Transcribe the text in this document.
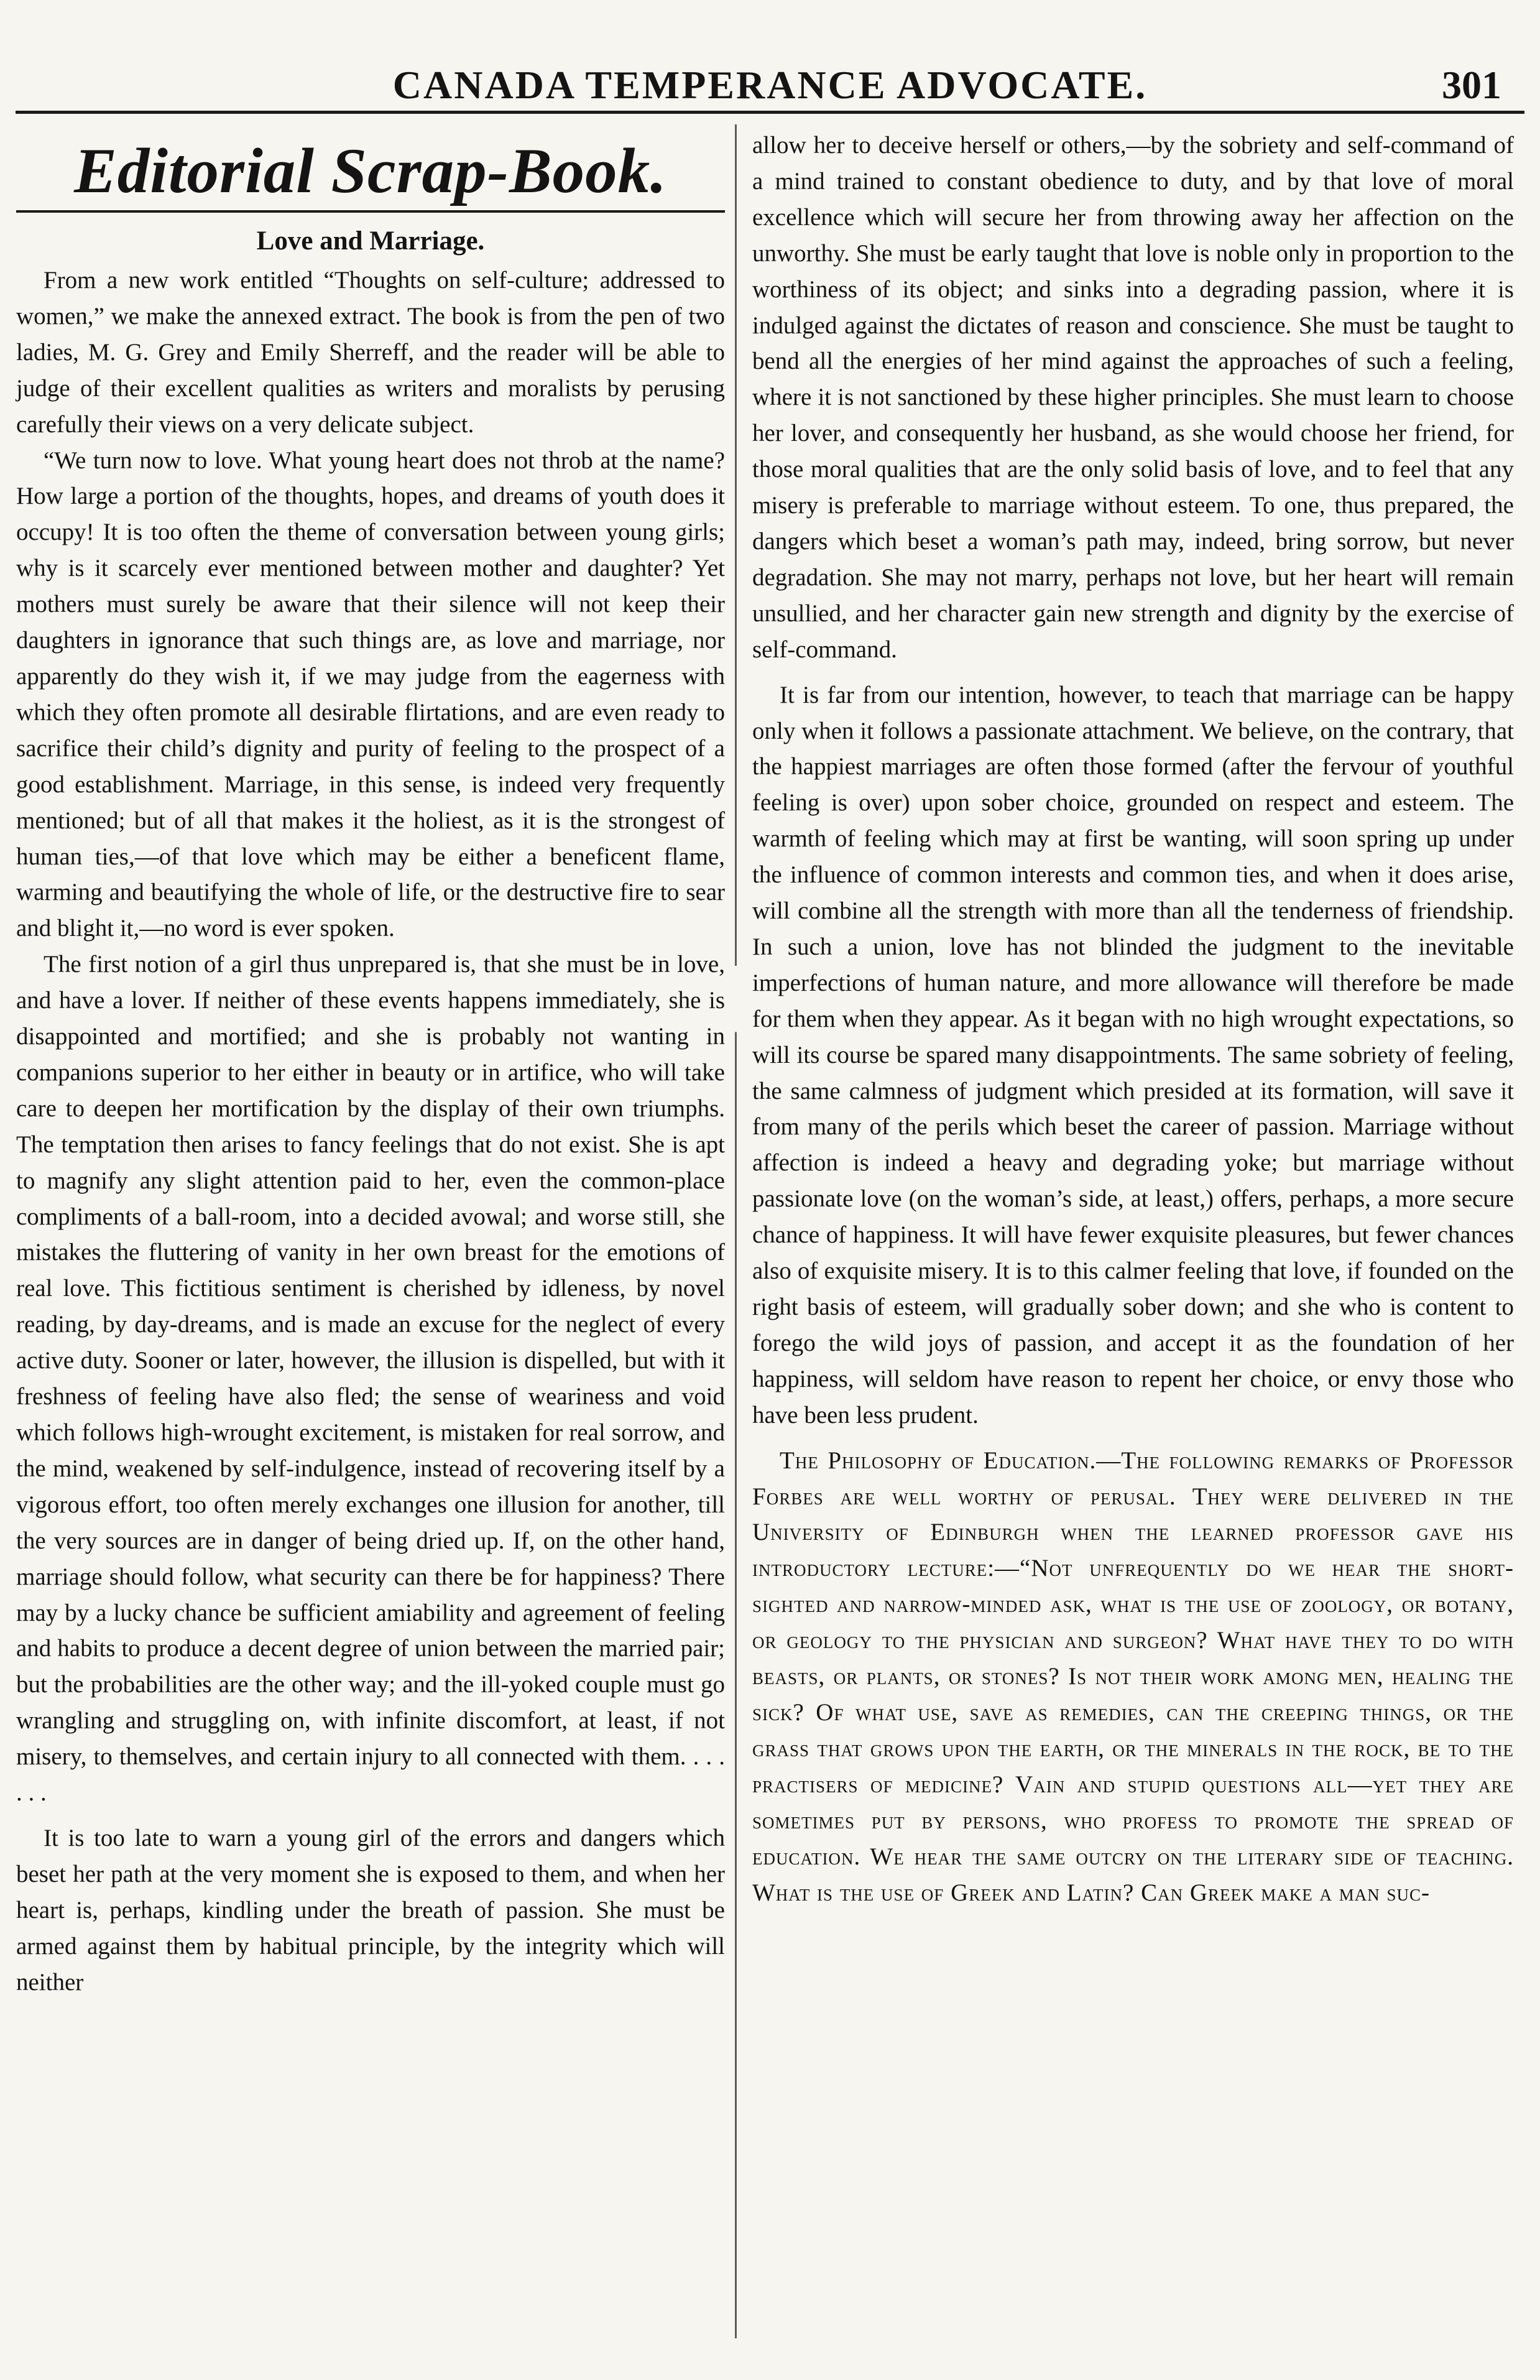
CANADA TEMPERANCE ADVOCATE.	301
Editorial Scrap-Book.
Love and Marriage.

From a new work entitled “Thoughts on self-culture; addressed to women,” we make the annexed extract. The book is from the pen of two ladies, M. G. Grey and Emily Sherreff, and the reader will be able to judge of their excellent qualities as writers and moralists by perusing carefully their views on a very delicate subject.

“We turn now to love. What young heart does not throb at the name? How large a portion of the thoughts, hopes, and dreams of youth does it occupy! It is too often the theme of conversation between young girls; why is it scarcely ever mentioned between mother and daughter? Yet mothers must surely be aware that their silence will not keep their daughters in ignorance that such things are, as love and marriage, nor apparently do they wish it, if we may judge from the eagerness with which they often promote all desirable flirtations, and are even ready to sacrifice their child’s dignity and purity of feeling to the prospect of a good establishment. Marriage, in this sense, is indeed very frequently mentioned; but of all that makes it the holiest, as it is the strongest of human ties,—of that love which may be either a beneficent flame, warming and beautifying the whole of life, or the destructive fire to sear and blight it,—no word is ever spoken.

The first notion of a girl thus unprepared is, that she must be in love, and have a lover. If neither of these events happens immediately, she is disappointed and mortified; and she is probably not wanting in companions superior to her either in beauty or in artifice, who will take care to deepen her mortification by the display of their own triumphs. The temptation then arises to fancy feelings that do not exist. She is apt to magnify any slight attention paid to her, even the common-place compliments of a ball-room, into a decided avowal; and worse still, she mistakes the fluttering of vanity in her own breast for the emotions of real love. This fictitious sentiment is cherished by idleness, by novel reading, by day-dreams, and is made an excuse for the neglect of every active duty. Sooner or later, however, the illusion is dispelled, but with it freshness of feeling have also fled; the sense of weariness and void which follows high-wrought excitement, is mistaken for real sorrow, and the mind, weakened by self-indulgence, instead of recovering itself by a vigorous effort, too often merely exchanges one illusion for another, till the very sources are in danger of being dried up. If, on the other hand, marriage should follow, what security can there be for happiness? There may by a lucky chance be sufficient amiability and agreement of feeling and habits to produce a decent degree of union between the married pair; but the probabilities are the other way; and the ill-yoked couple must go wrangling and struggling on, with infinite discomfort, at least, if not misery, to themselves, and certain injury to all connected with them. . . . . . .

It is too late to warn a young girl of the errors and dangers which beset her path at the very moment she is exposed to them, and when her heart is, perhaps, kindling under the breath of passion. She must be armed against them by habitual principle, by the integrity which will neither

allow her to deceive herself or others,—by the sobriety and self-command of a mind trained to constant obedience to duty, and by that love of moral excellence which will secure her from throwing away her affection on the unworthy. She must be early taught that love is noble only in proportion to the worthiness of its object; and sinks into a degrading passion, where it is indulged against the dictates of reason and conscience. She must be taught to bend all the energies of her mind against the approaches of such a feeling, where it is not sanctioned by these higher principles. She must learn to choose her lover, and consequently her husband, as she would choose her friend, for those moral qualities that are the only solid basis of love, and to feel that any misery is preferable to marriage without esteem. To one, thus prepared, the dangers which beset a woman’s path may, indeed, bring sorrow, but never degradation. She may not marry, perhaps not love, but her heart will remain unsullied, and her character gain new strength and dignity by the exercise of self-command.

It is far from our intention, however, to teach that marriage can be happy only when it follows a passionate attachment. We believe, on the contrary, that the happiest marriages are often those formed (after the fervour of youthful feeling is over) upon sober choice, grounded on respect and esteem. The warmth of feeling which may at first be wanting, will soon spring up under the influence of common interests and common ties, and when it does arise, will combine all the strength with more than all the tenderness of friendship. In such a union, love has not blinded the judgment to the inevitable imperfections of human nature, and more allowance will therefore be made for them when they appear. As it began with no high wrought expectations, so will its course be spared many disappointments. The same sobriety of feeling, the same calmness of judgment which presided at its formation, will save it from many of the perils which beset the career of passion. Marriage without affection is indeed a heavy and degrading yoke; but marriage without passionate love (on the woman’s side, at least,) offers, perhaps, a more secure chance of happiness. It will have fewer exquisite pleasures, but fewer chances also of exquisite misery. It is to this calmer feeling that love, if founded on the right basis of esteem, will gradually sober down; and she who is content to forego the wild joys of passion, and accept it as the foundation of her happiness, will seldom have reason to repent her choice, or envy those who have been less prudent.

The Philosophy of Education.—The following remarks of Professor Forbes are well worthy of perusal. They were delivered in the University of Edinburgh when the learned professor gave his introductory lecture:—“Not unfrequently do we hear the short-sighted and narrow-minded ask, what is the use of zoology, or botany, or geology to the physician and surgeon? What have they to do with beasts, or plants, or stones? Is not their work among men, healing the sick? Of what use, save as remedies, can the creeping things, or the grass that grows upon the earth, or the minerals in the rock, be to the practisers of medicine? Vain and stupid questions all—yet they are sometimes put by persons, who profess to promote the spread of education. We hear the same outcry on the literary side of teaching. What is the use of Greek and Latin? Can Greek make a man suc-
